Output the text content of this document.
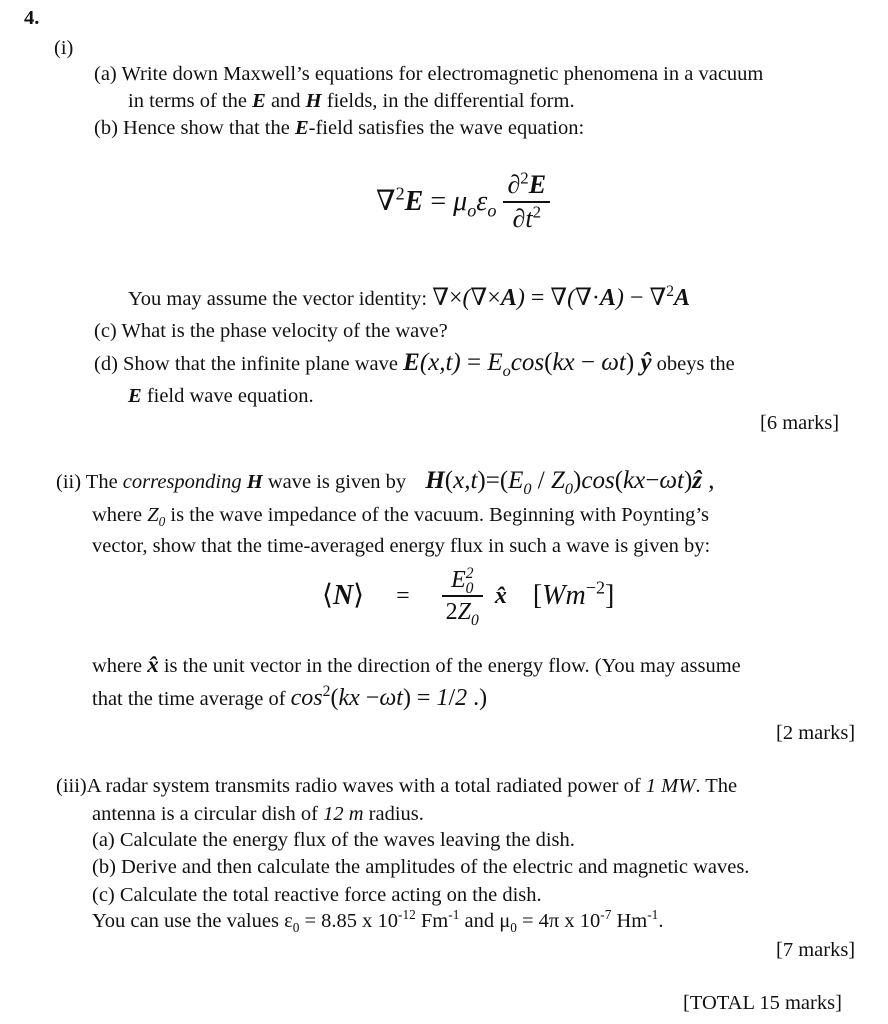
4.
(i)
(a) Write down Maxwell’s equations for electromagnetic phenomena in a vacuum
in terms of the E and H fields, in the differential form.
(b) Hence show that the E-field satisfies the wave equation:
$\nabla^2E = \mu_o\varepsilon_o \frac{\partial^2E}{\partial t^2}$
You may assume the vector identity: ∇×(∇×A) = ∇(∇·A) − ∇$^2$A
(c) What is the phase velocity of the wave?
(d) Show that the infinite plane wave $E(x,t) = E_o\cos(kx - \omega t)$ ŷ obeys the
E field wave equation.
[6 marks]
(ii) The corresponding H wave is given by $H(x,t)=(E_0$ / $Z_0)\cos(kx-\omega t)ẑ$ ,
where $Z_0$ is the wave impedance of the vacuum. Beginning with Poynting’s
vector, show that the time-averaged energy flux in such a wave is given by:
⟨N⟩ = $\frac{E^2_0}{2Z_0}$ x̂ $[Wm^{-2}]$
where x̂ is the unit vector in the direction of the energy flow. (You may assume
that the time average of $\cos^2(kx -\omega t) = 1/2$ .)
[2 marks]
(iii)A radar system transmits radio waves with a total radiated power of 1 MW. The
antenna is a circular dish of 12 m radius.
(a) Calculate the energy flux of the waves leaving the dish.
(b) Derive and then calculate the amplitudes of the electric and magnetic waves.
(c) Calculate the total reactive force acting on the dish.
You can use the values $\varepsilon_0 = 8.85$ x $10^{-12}$ $Fm^{-1}$ and $\mu_0 = 4\pi$ x $10^{-7}$ $Hm^{-1}$.
[7 marks]
[TOTAL 15 marks]
